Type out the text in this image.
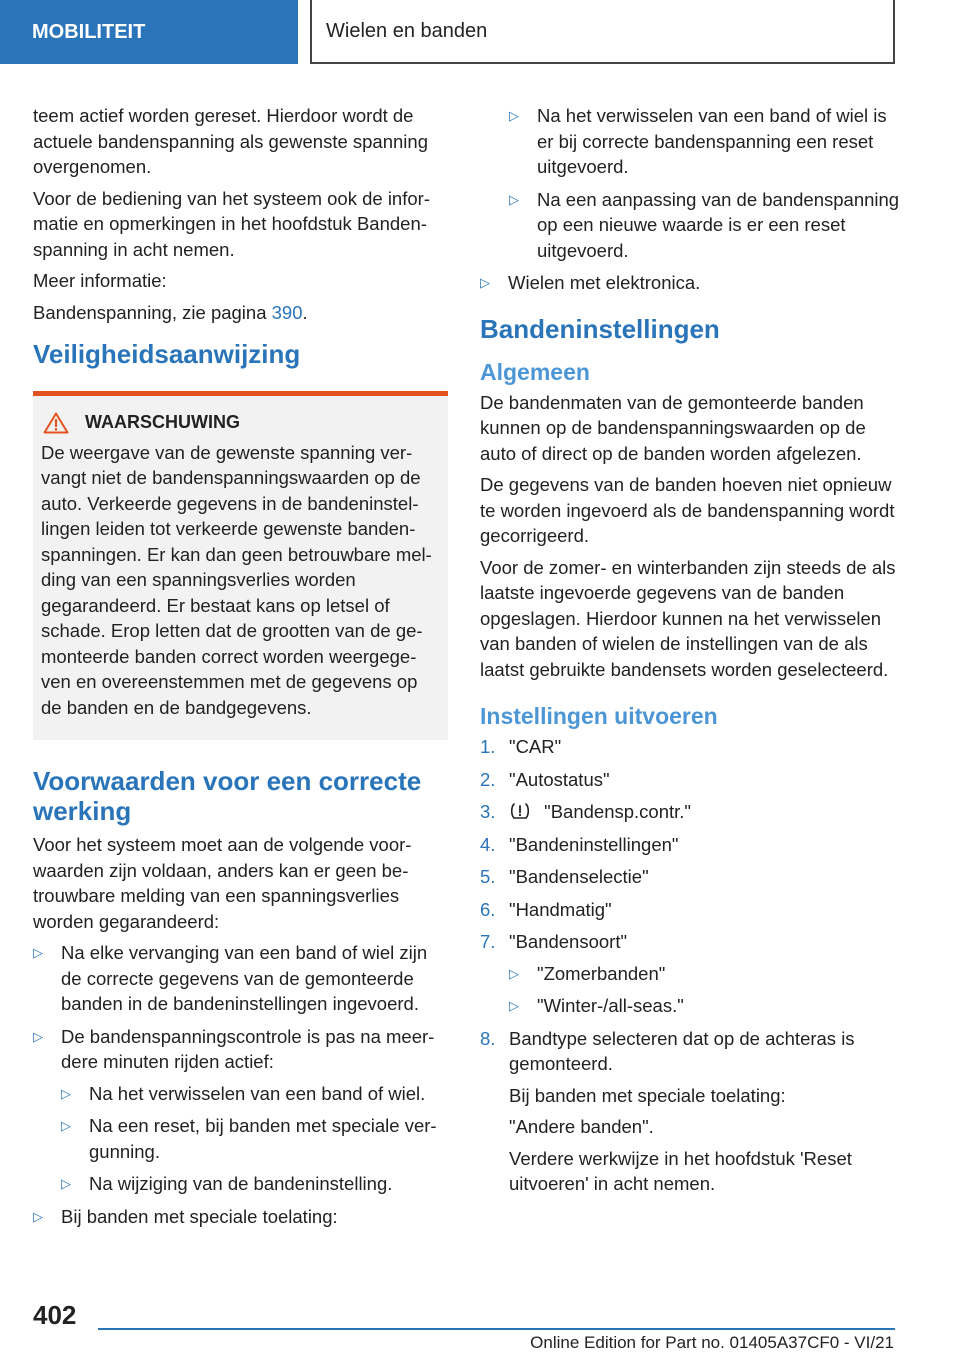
MOBILITEIT	Wielen en banden

teem actief worden gereset. Hierdoor wordt de actuele bandenspanning als gewenste spanning overgenomen.

Voor de bediening van het systeem ook de informatie en opmerkingen in het hoofdstuk Bandenspanning in acht nemen.

Meer informatie:

Bandenspanning, zie pagina 390.

Veiligheidsaanwijzing
WAARSCHUWING
De weergave van de gewenste spanning vervangt niet de bandenspanningswaarden op de auto. Verkeerde gegevens in de bandeninstellingen leiden tot verkeerde gewenste bandenspanningen. Er kan dan geen betrouwbare melding van een spanningsverlies worden gegarandeerd. Er bestaat kans op letsel of schade. Erop letten dat de grootten van de gemonteerde banden correct worden weergegeven en overeenstemmen met de gegevens op de banden en de bandgegevens.
Voorwaarden voor een correcte werking

Voor het systeem moet aan de volgende voorwaarden zijn voldaan, anders kan er geen betrouwbare melding van een spanningsverlies worden gegarandeerd:

▷ Na elke vervanging van een band of wiel zijn de correcte gegevens van de gemonteerde banden in de bandeninstellingen ingevoerd.
▷ De bandenspanningscontrole is pas na meerdere minuten rijden actief:
▷ Na het verwisselen van een band of wiel.
▷ Na een reset, bij banden met speciale vergunning.
▷ Na wijziging van de bandeninstelling.
▷ Bij banden met speciale toelating:
▷ Na het verwisselen van een band of wiel is er bij correcte bandenspanning een reset uitgevoerd.
▷ Na een aanpassing van de bandenspanning op een nieuwe waarde is er een reset uitgevoerd.
▷ Wielen met elektronica.
Bandeninstellingen
Algemeen

De bandenmaten van de gemonteerde banden kunnen op de bandenspanningswaarden op de auto of direct op de banden worden afgelezen.

De gegevens van de banden hoeven niet opnieuw te worden ingevoerd als de bandenspanning wordt gecorrigeerd.

Voor de zomer- en winterbanden zijn steeds de als laatste ingevoerde gegevens van de banden opgeslagen. Hierdoor kunnen na het verwisselen van banden of wielen de instellingen van de als laatst gebruikte bandensets worden geselecteerd.

Instellingen uitvoeren
1. "CAR"
2. "Autostatus"
3.	"Bandensp.contr."
4. "Bandeninstellingen"
5. "Bandenselectie"
6. "Handmatig"
7. "Bandensoort"
▷ "Zomerbanden"
▷ "Winter-/all-seas."
8. Bandtype selecteren dat op de achteras is gemonteerd.

Bij banden met speciale toelating:

"Andere banden".

Verdere werkwijze in het hoofdstuk 'Reset uitvoeren' in acht nemen.

402
Online Edition for Part no. 01405A37CF0 - VI/21
